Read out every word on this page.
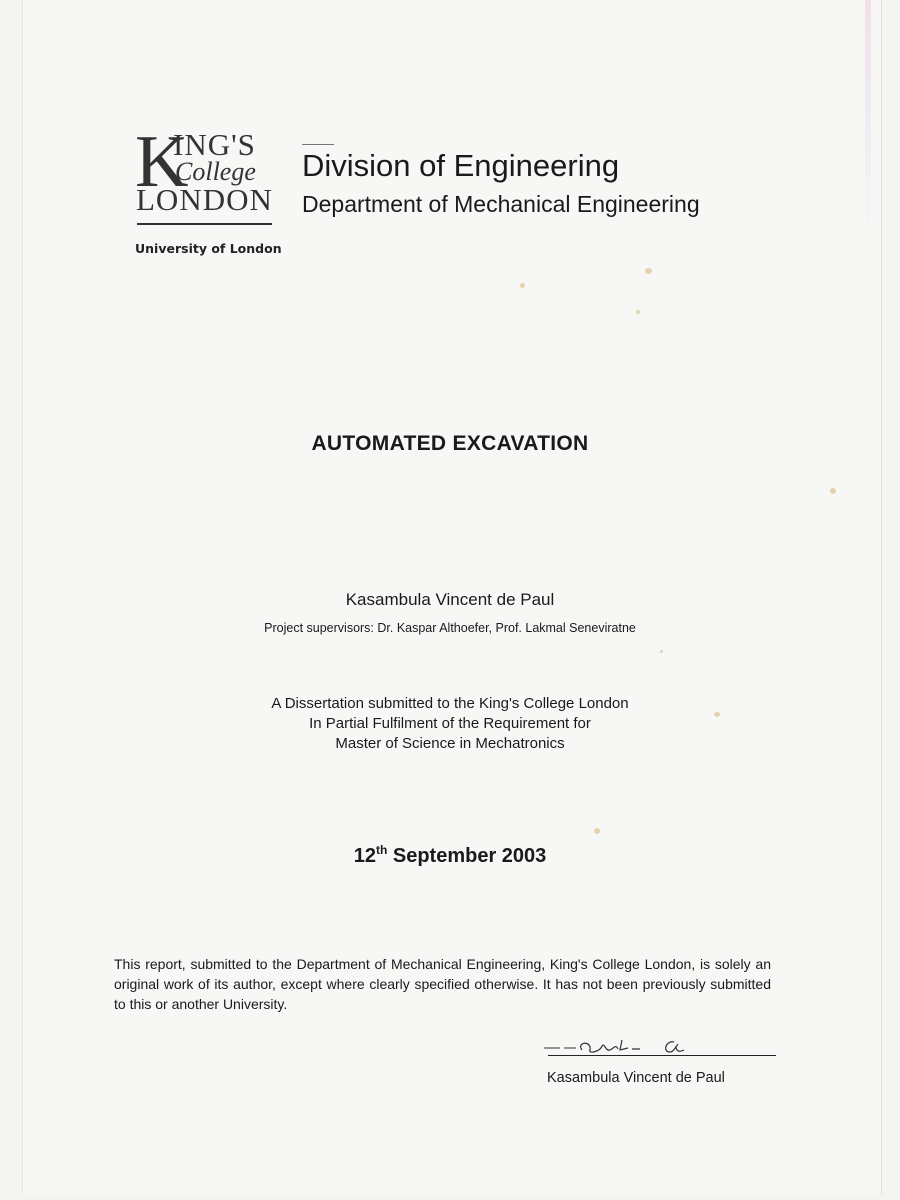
K
ING'S
College
LONDON
University of London
Division of Engineering
Department of Mechanical Engineering
AUTOMATED EXCAVATION
Kasambula Vincent de Paul
Project supervisors: Dr. Kaspar Althoefer, Prof. Lakmal Seneviratne
A Dissertation submitted to the King's College London
In Partial Fulfilment of the Requirement for
Master of Science in Mechatronics
12th September 2003
This report, submitted to the Department of Mechanical Engineering, King's College London, is solely an original work of its author, except where clearly specified otherwise. It has not been previously submitted to this or another University.
Kasambula Vincent de Paul
